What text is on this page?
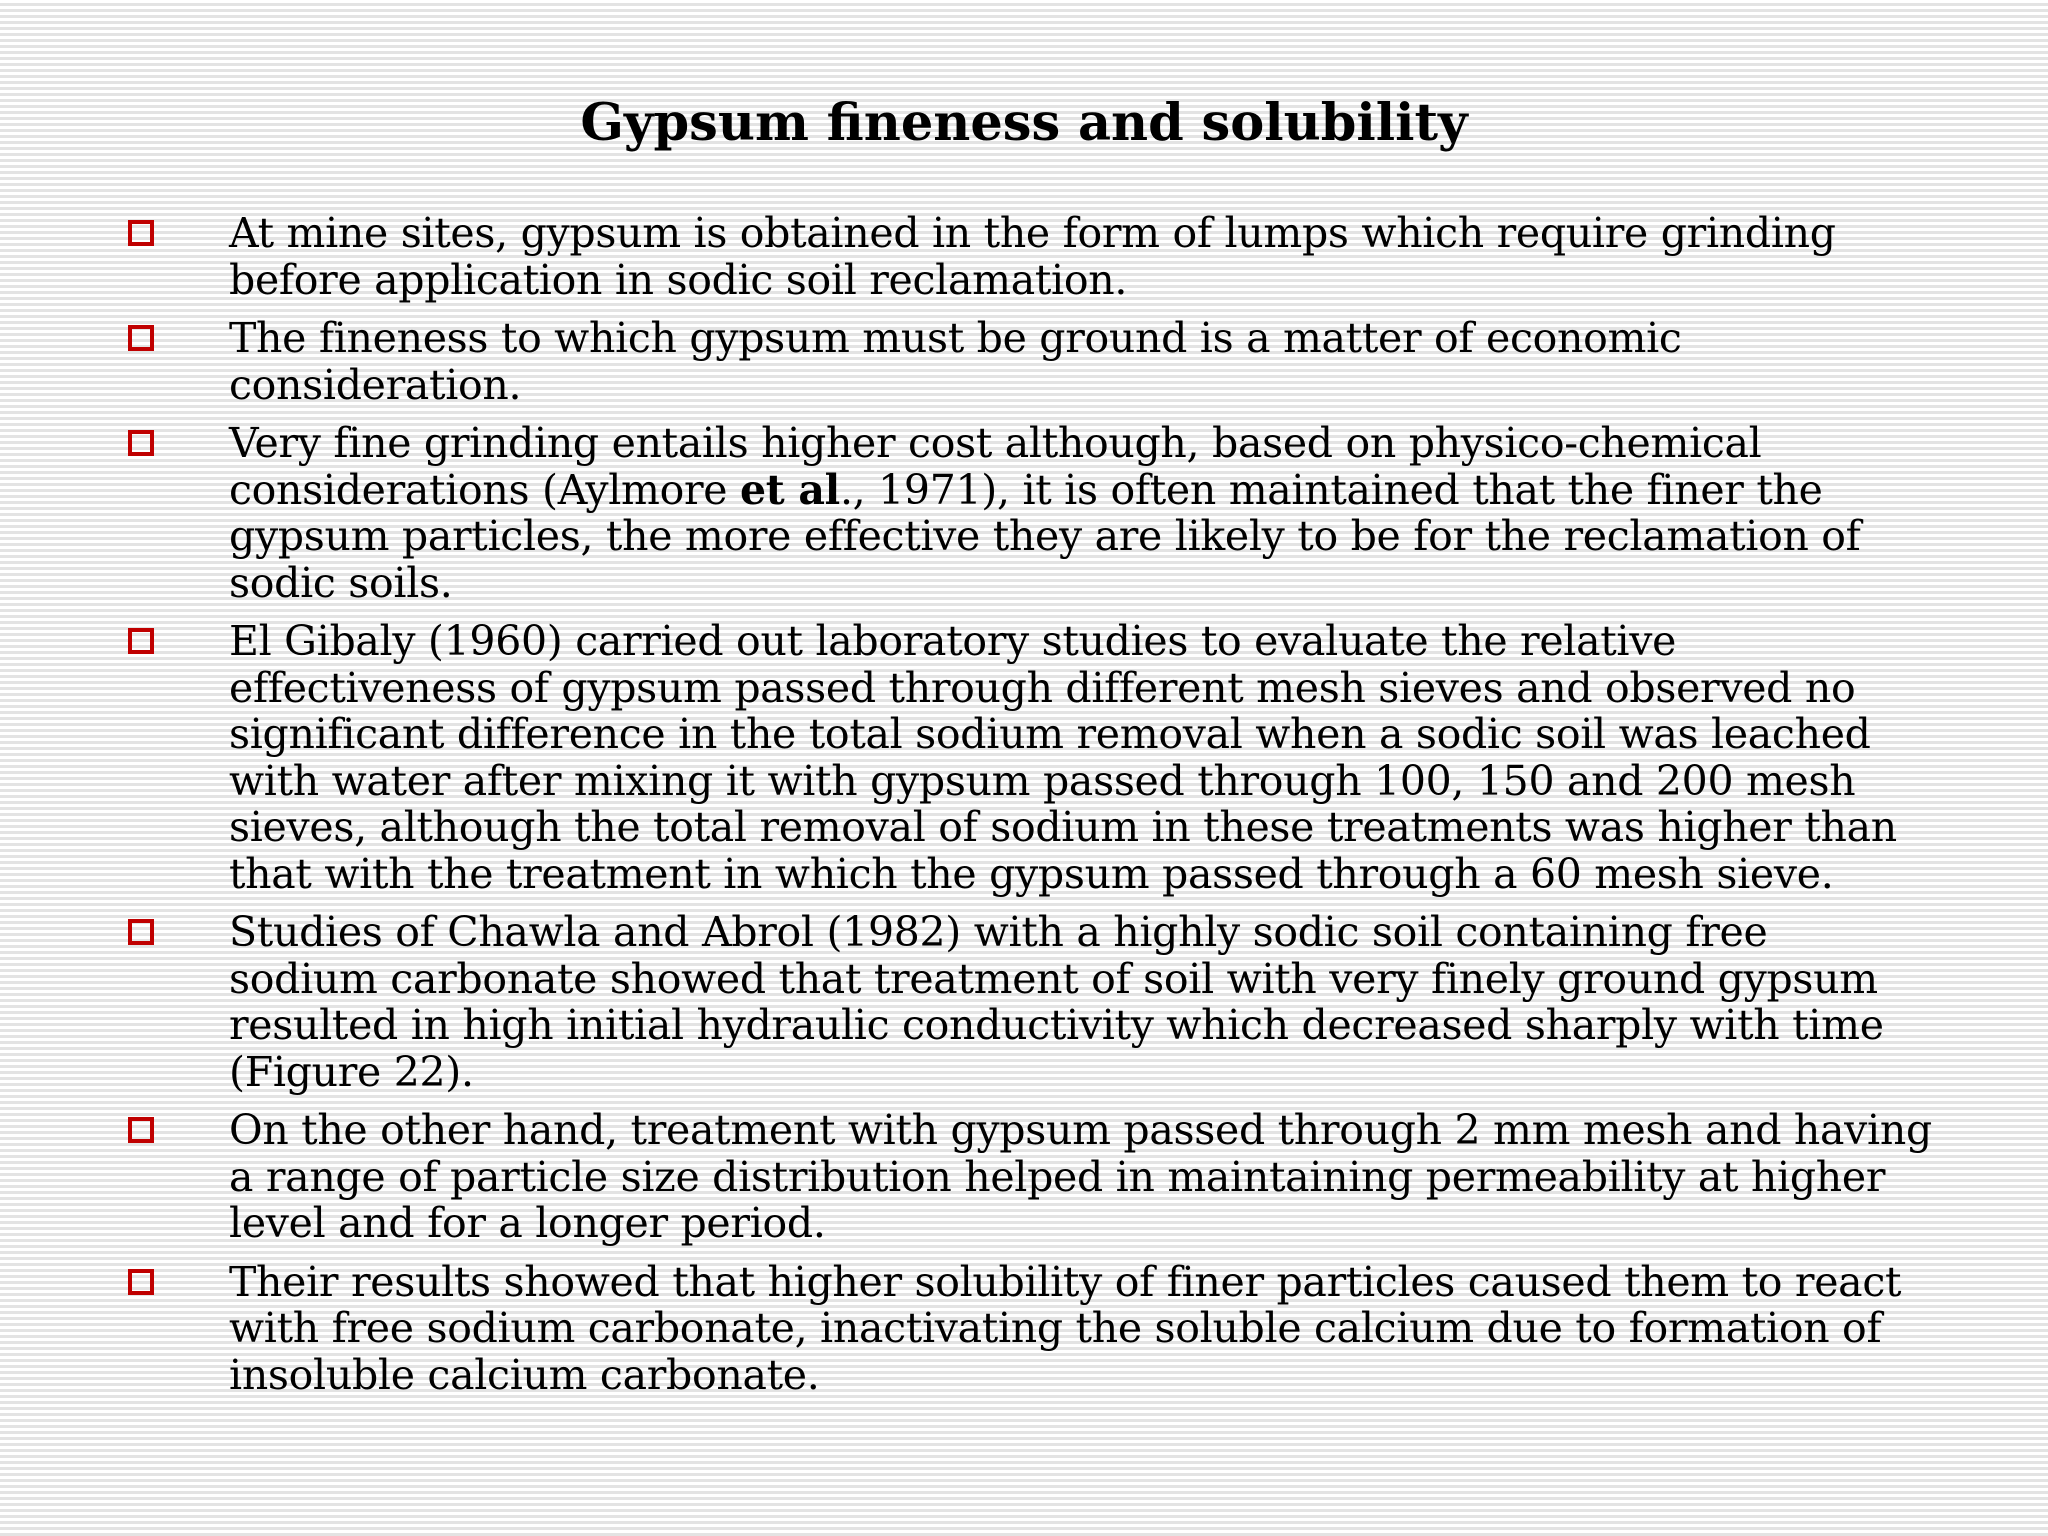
Gypsum fineness and solubility
At mine sites, gypsum is obtained in the form of lumps which require grinding
before application in sodic soil reclamation.
The fineness to which gypsum must be ground is a matter of economic
consideration.
Very fine grinding entails higher cost although, based on physico-chemical
considerations (Aylmore et al., 1971), it is often maintained that the finer the
gypsum particles, the more effective they are likely to be for the reclamation of
sodic soils.
El Gibaly (1960) carried out laboratory studies to evaluate the relative
effectiveness of gypsum passed through different mesh sieves and observed no
significant difference in the total sodium removal when a sodic soil was leached
with water after mixing it with gypsum passed through 100, 150 and 200 mesh
sieves, although the total removal of sodium in these treatments was higher than
that with the treatment in which the gypsum passed through a 60 mesh sieve.
Studies of Chawla and Abrol (1982) with a highly sodic soil containing free
sodium carbonate showed that treatment of soil with very finely ground gypsum
resulted in high initial hydraulic conductivity which decreased sharply with time
(Figure 22).
On the other hand, treatment with gypsum passed through 2 mm mesh and having
a range of particle size distribution helped in maintaining permeability at higher
level and for a longer period.
Their results showed that higher solubility of finer particles caused them to react
with free sodium carbonate, inactivating the soluble calcium due to formation of
insoluble calcium carbonate.
